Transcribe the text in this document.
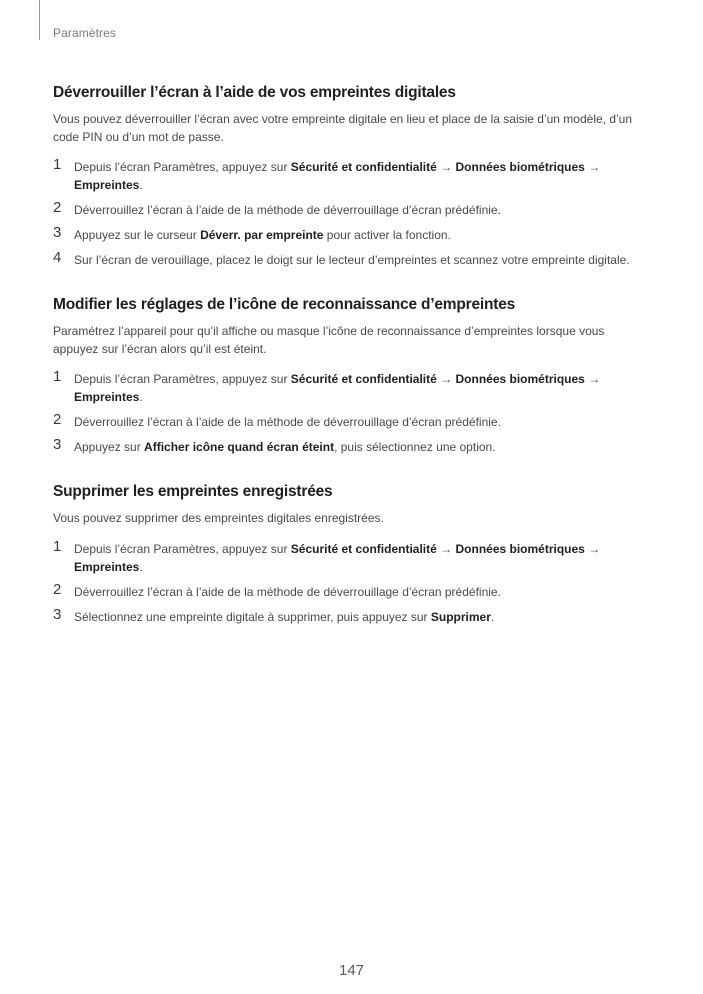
Paramètres
Déverrouiller l’écran à l’aide de vos empreintes digitales

Vous pouvez déverrouiller l’écran avec votre empreinte digitale en lieu et place de la saisie d’un modèle, d’un code PIN ou d’un mot de passe.

1 Depuis l’écran Paramètres, appuyez sur Sécurité et confidentialité → Données biométriques → Empreintes.
2 Déverrouillez l’écran à l’aide de la méthode de déverrouillage d’écran prédéfinie.
3 Appuyez sur le curseur Déverr. par empreinte pour activer la fonction.
4 Sur l’écran de verouillage, placez le doigt sur le lecteur d’empreintes et scannez votre empreinte digitale.
Modifier les réglages de l’icône de reconnaissance d’empreintes

Paramétrez l’appareil pour qu’il affiche ou masque l’icône de reconnaissance d’empreintes lorsque vous appuyez sur l’écran alors qu’il est éteint.

1 Depuis l’écran Paramètres, appuyez sur Sécurité et confidentialité → Données biométriques → Empreintes.
2 Déverrouillez l’écran à l’aide de la méthode de déverrouillage d’écran prédéfinie.
3 Appuyez sur Afficher icône quand écran éteint, puis sélectionnez une option.
Supprimer les empreintes enregistrées

Vous pouvez supprimer des empreintes digitales enregistrées.

1 Depuis l’écran Paramètres, appuyez sur Sécurité et confidentialité → Données biométriques → Empreintes.
2 Déverrouillez l’écran à l’aide de la méthode de déverrouillage d’écran prédéfinie.
3 Sélectionnez une empreinte digitale à supprimer, puis appuyez sur Supprimer.
147
